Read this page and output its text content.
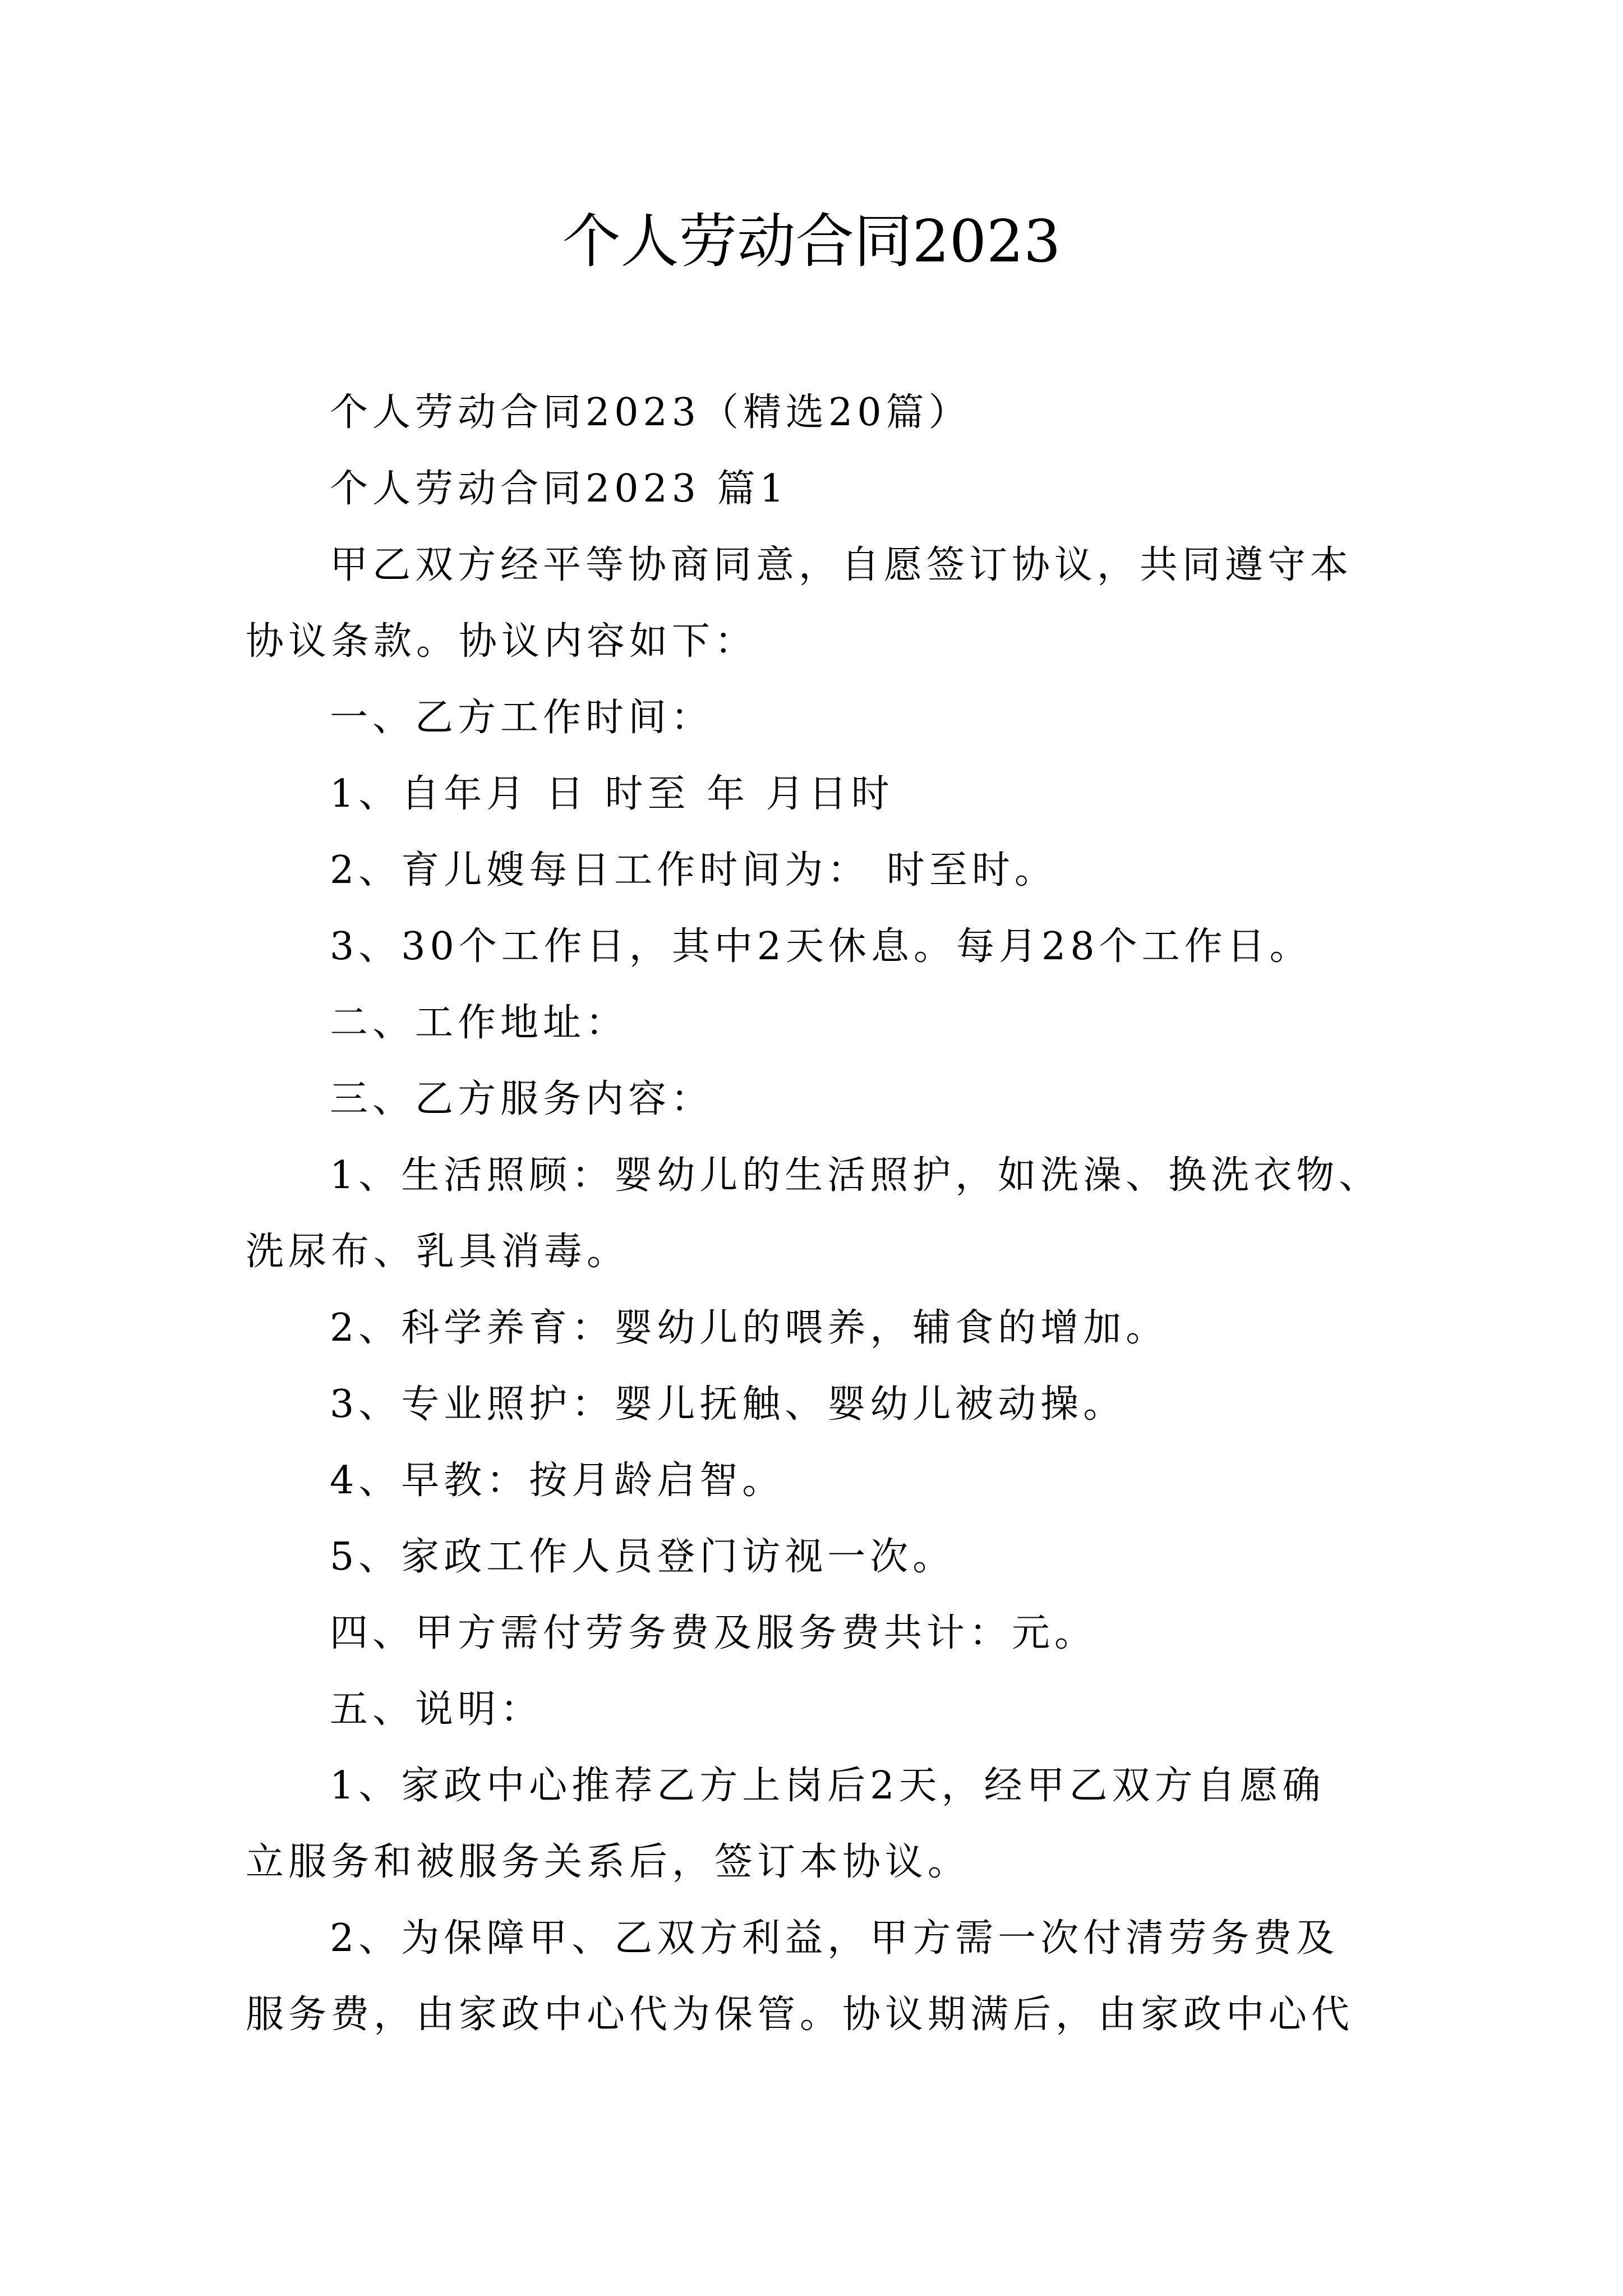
个人劳动合同2023

个人劳动合同2023（精选20篇）

个人劳动合同2023 篇1

甲乙双方经平等协商同意，自愿签订协议，共同遵守本
协议条款。协议内容如下：

一、乙方工作时间：

1、自年月 日 时至 年 月日时

2、育儿嫂每日工作时间为： 时至时。

3、30个工作日，其中2天休息。每月28个工作日。

二、工作地址：

三、乙方服务内容：

1、生活照顾：婴幼儿的生活照护，如洗澡、换洗衣物、
洗尿布、乳具消毒。

2、科学养育：婴幼儿的喂养，辅食的增加。

3、专业照护：婴儿抚触、婴幼儿被动操。

4、早教：按月龄启智。

5、家政工作人员登门访视一次。

四、甲方需付劳务费及服务费共计：元。

五、说明：

1、家政中心推荐乙方上岗后2天，经甲乙双方自愿确
立服务和被服务关系后，签订本协议。

2、为保障甲、乙双方利益，甲方需一次付清劳务费及
服务费，由家政中心代为保管。协议期满后，由家政中心代
